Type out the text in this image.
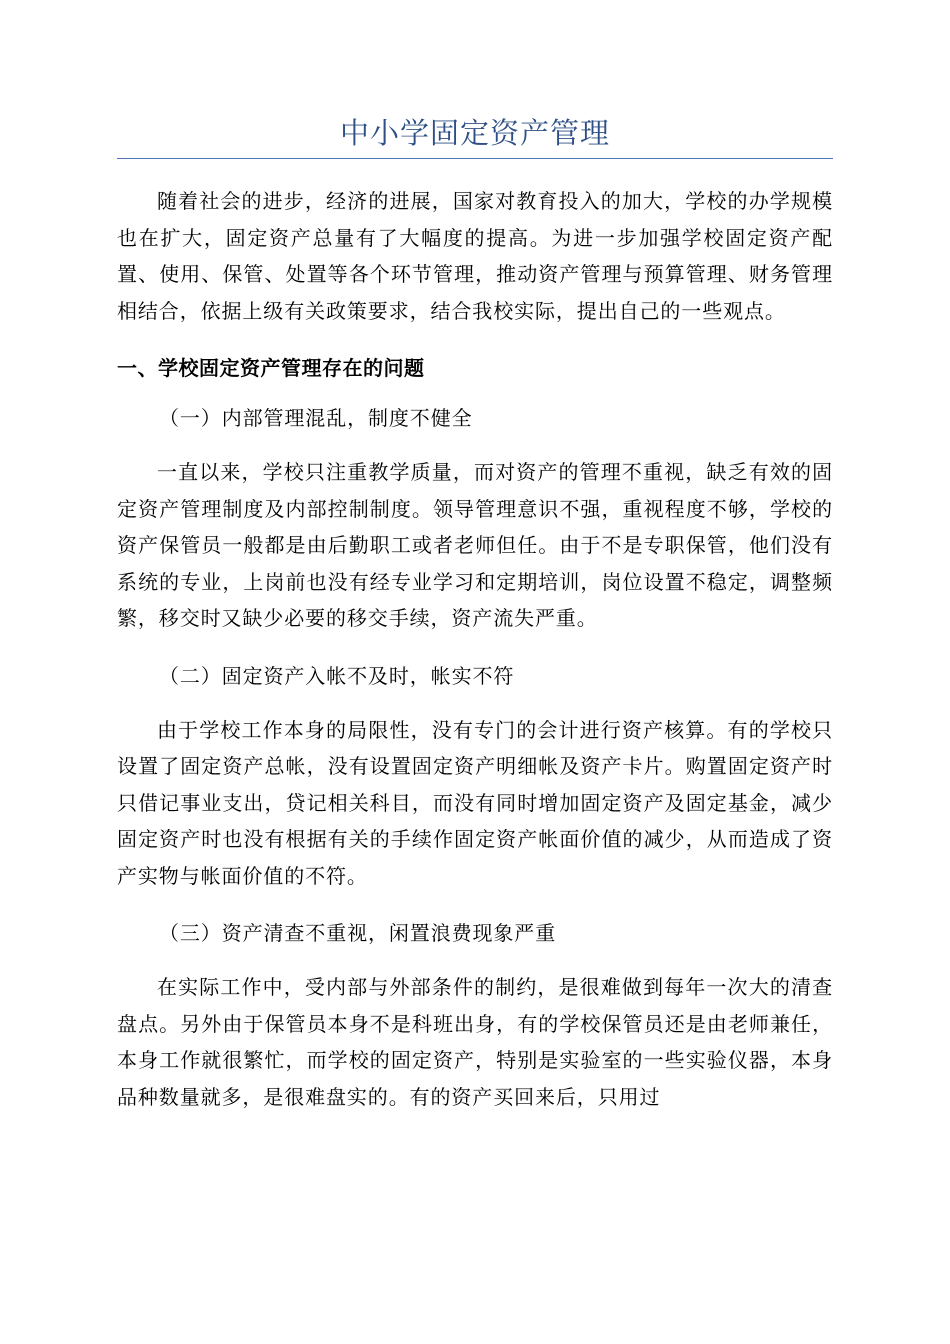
中小学固定资产管理

随着社会的进步，经济的进展，国家对教育投入的加大，学校的办学规模也在扩大，固定资产总量有了大幅度的提高。为进一步加强学校固定资产配置、使用、保管、处置等各个环节管理，推动资产管理与预算管理、财务管理相结合，依据上级有关政策要求，结合我校实际，提出自己的一些观点。

一、学校固定资产管理存在的问题
（一）内部管理混乱，制度不健全

一直以来，学校只注重教学质量，而对资产的管理不重视，缺乏有效的固定资产管理制度及内部控制制度。领导管理意识不强，重视程度不够，学校的资产保管员一般都是由后勤职工或者老师但任。由于不是专职保管，他们没有系统的专业，上岗前也没有经专业学习和定期培训，岗位设置不稳定，调整频繁，移交时又缺少必要的移交手续，资产流失严重。

（二）固定资产入帐不及时，帐实不符

由于学校工作本身的局限性，没有专门的会计进行资产核算。有的学校只设置了固定资产总帐，没有设置固定资产明细帐及资产卡片。购置固定资产时只借记事业支出，贷记相关科目，而没有同时增加固定资产及固定基金，减少固定资产时也没有根据有关的手续作固定资产帐面价值的减少，从而造成了资产实物与帐面价值的不符。

（三）资产清查不重视，闲置浪费现象严重

在实际工作中，受内部与外部条件的制约，是很难做到每年一次大的清查盘点。另外由于保管员本身不是科班出身，有的学校保管员还是由老师兼任，本身工作就很繁忙，而学校的固定资产，特别是实验室的一些实验仪器，本身品种数量就多，是很难盘实的。有的资产买回来后，只用过
